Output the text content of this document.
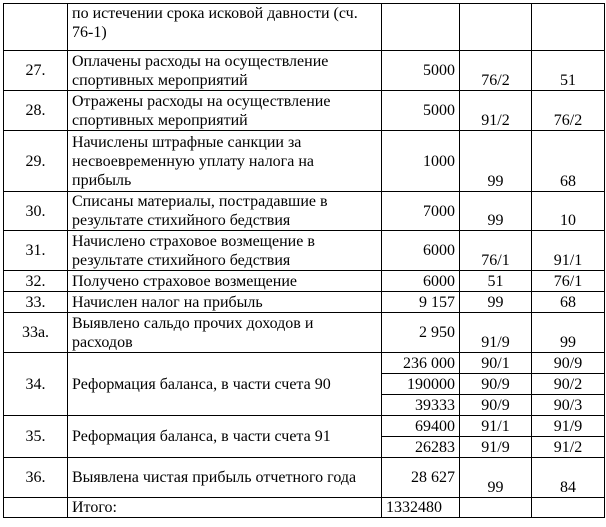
	по истечении срока исковой давности (сч. 76-1)			
27.	Оплачены расходы на осуществление спортивных мероприятий	5000	76/2	51
28.	Отражены расходы на осуществление спортивных мероприятий	5000	91/2	76/2
29.	Начислены штрафные санкции за несвоевременную уплату налога на прибыль	1000	99	68
30.	Списаны материалы, пострадавшие в результате стихийного бедствия	7000	99	10
31.	Начислено страховое возмещение в результате стихийного бедствия	6000	76/1	91/1
32.	Получено страховое возмещение	6000	51	76/1
33.	Начислен налог на прибыль	9 157	99	68
33а.	Выявлено сальдо прочих доходов и расходов	2 950	91/9	99
34.	Реформация баланса, в части счета 90	236 000	90/1	90/9
		190000	90/9	90/2
		39333	90/9	90/3
35.	Реформация баланса, в части счета 91	69400	91/1	91/9
		26283	91/9	91/2
36.	Выявлена чистая прибыль отчетного года	28 627	99	84
	Итого:	1332480		
